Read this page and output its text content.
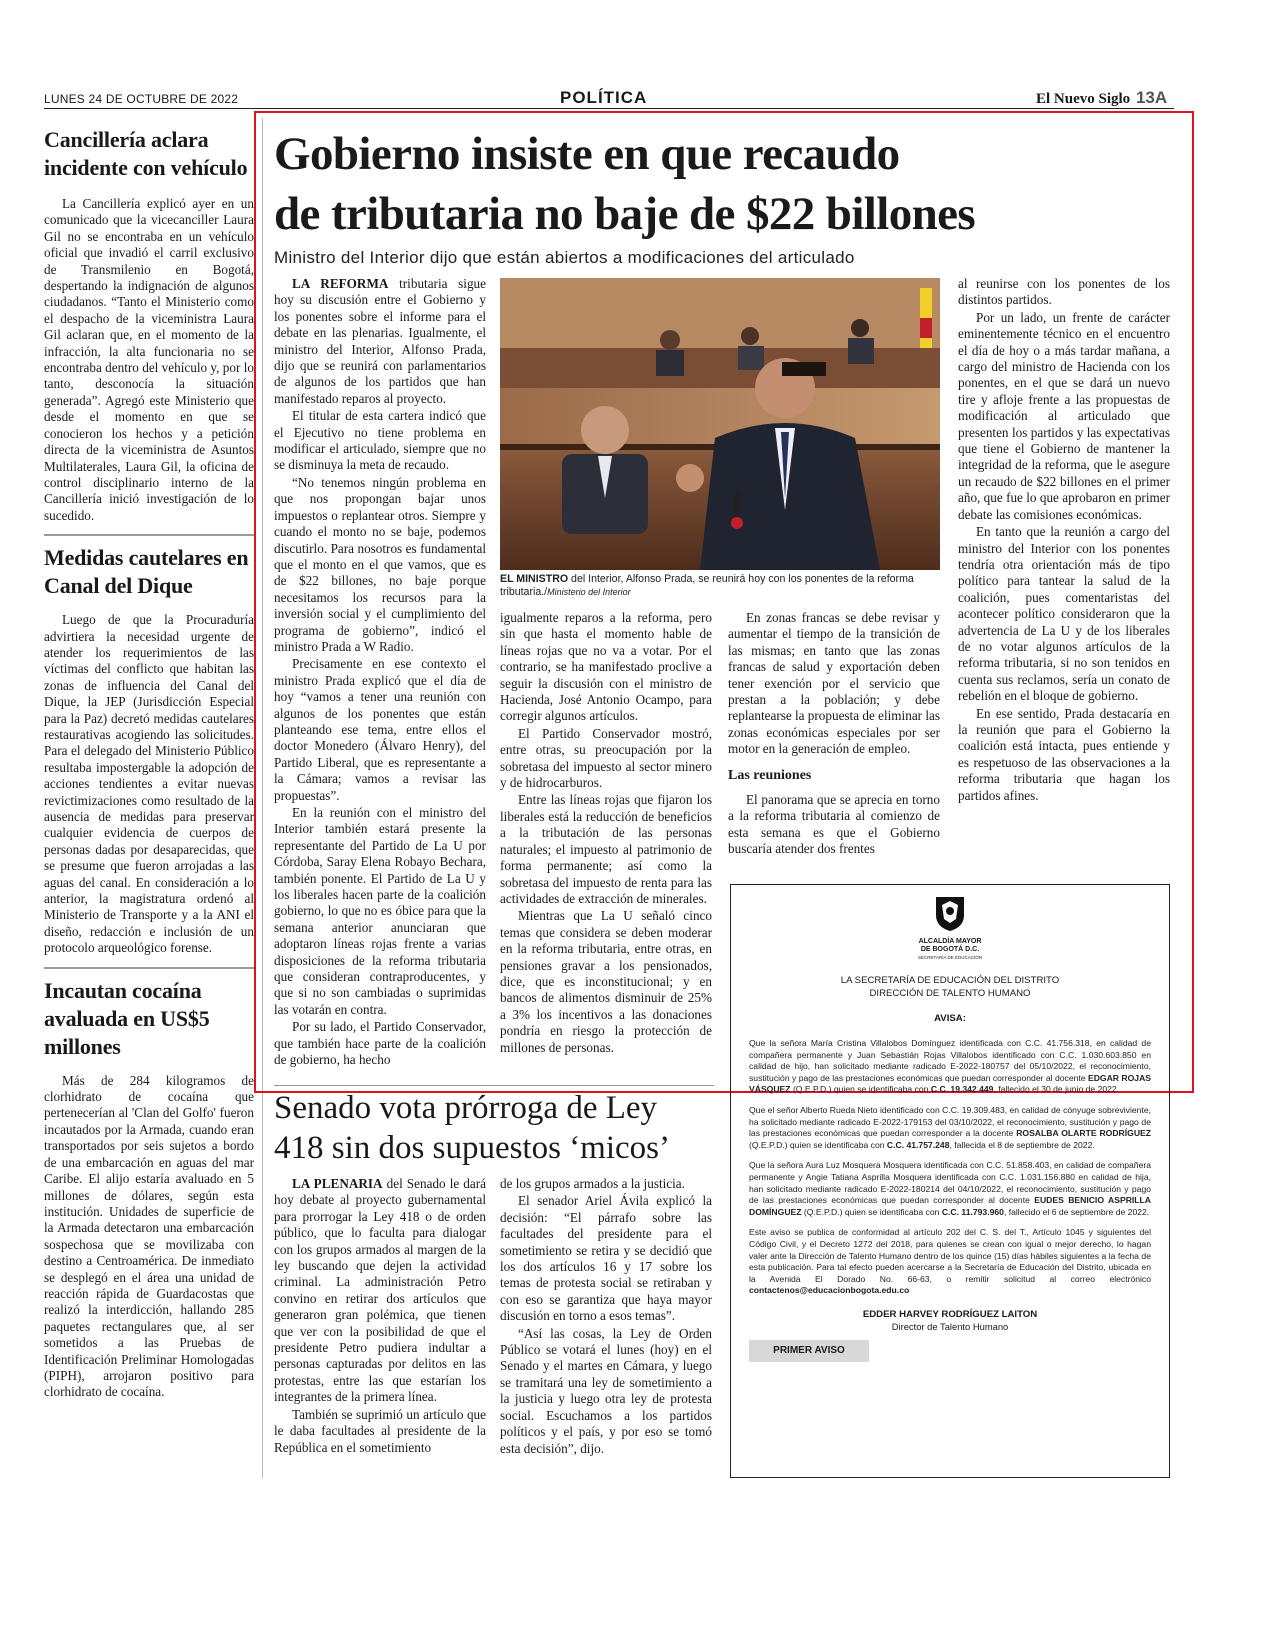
LUNES 24 DE OCTUBRE DE 2022	POLÍTICA	El Nuevo Siglo 13A
Cancillería aclara incidente con vehículo

La Cancillería explicó ayer en un comunicado que la vicecanciller Laura Gil no se encontraba en un vehículo oficial que invadió el carril exclusivo de Transmilenio en Bogotá, despertando la indignación de algunos ciudadanos. “Tanto el Ministerio como el despacho de la viceministra Laura Gil aclaran que, en el momento de la infracción, la alta funcionaria no se encontraba dentro del vehículo y, por lo tanto, desconocía la situación generada”. Agregó este Ministerio que desde el momento en que se conocieron los hechos y a petición directa de la viceministra de Asuntos Multilaterales, Laura Gil, la oficina de control disciplinario interno de la Cancillería inició investigación de lo sucedido.

Medidas cautelares en Canal del Dique

Luego de que la Procuraduría advirtiera la necesidad urgente de atender los requerimientos de las víctimas del conflicto que habitan las zonas de influencia del Canal del Dique, la JEP (Jurisdicción Especial para la Paz) decretó medidas cautelares restaurativas acogiendo las solicitudes. Para el delegado del Ministerio Público resultaba impostergable la adopción de acciones tendientes a evitar nuevas revictimizaciones como resultado de la ausencia de medidas para preservar cualquier evidencia de cuerpos de personas dadas por desaparecidas, que se presume que fueron arrojadas a las aguas del canal. En consideración a lo anterior, la magistratura ordenó al Ministerio de Transporte y a la ANI el diseño, redacción e inclusión de un protocolo arqueológico forense.

Incautan cocaína avaluada en US$5 millones

Más de 284 kilogramos de clorhidrato de cocaína que pertenecerían al 'Clan del Golfo' fueron incautados por la Armada, cuando eran transportados por seis sujetos a bordo de una embarcación en aguas del mar Caribe. El alijo estaría avaluado en 5 millones de dólares, según esta institución. Unidades de superficie de la Armada detectaron una embarcación sospechosa que se movilizaba con destino a Centroamérica. De inmediato se desplegó en el área una unidad de reacción rápida de Guardacostas que realizó la interdicción, hallando 285 paquetes rectangulares que, al ser sometidos a las Pruebas de Identificación Preliminar Homologadas (PIPH), arrojaron positivo para clorhidrato de cocaína.

Gobierno insiste en que recaudo
de tributaria no baje de $22 billones
Ministro del Interior dijo que están abiertos a modificaciones del articulado

LA REFORMA tributaria sigue hoy su discusión entre el Gobierno y los ponentes sobre el informe para el debate en las plenarias. Igualmente, el ministro del Interior, Alfonso Prada, dijo que se reunirá con parlamentarios de algunos de los partidos que han manifestado reparos al proyecto.

El titular de esta cartera indicó que el Ejecutivo no tiene problema en modificar el articulado, siempre que no se disminuya la meta de recaudo.

“No tenemos ningún problema en que nos propongan bajar unos impuestos o replantear otros. Siempre y cuando el monto no se baje, podemos discutirlo. Para nosotros es fundamental que el monto en el que vamos, que es de $22 billones, no baje porque necesitamos los recursos para la inversión social y el cumplimiento del programa de gobierno”, indicó el ministro Prada a W Radio.

Precisamente en ese contexto el ministro Prada explicó que el día de hoy “vamos a tener una reunión con algunos de los ponentes que están planteando ese tema, entre ellos el doctor Monedero (Álvaro Henry), del Partido Liberal, que es representante a la Cámara; vamos a revisar las propuestas”.

En la reunión con el ministro del Interior también estará presente la representante del Partido de La U por Córdoba, Saray Elena Robayo Bechara, también ponente. El Partido de La U y los liberales hacen parte de la coalición gobierno, lo que no es óbice para que la semana anterior anunciaran que adoptaron líneas rojas frente a varias disposiciones de la reforma tributaria que consideran contraproducentes, y que si no son cambiadas o suprimidas las votarán en contra.

Por su lado, el Partido Conservador, que también hace parte de la coalición de gobierno, ha hecho

EL MINISTRO del Interior, Alfonso Prada, se reunirá hoy con los ponentes de la reforma tributaria./Ministerio del Interior

igualmente reparos a la reforma, pero sin que hasta el momento hable de líneas rojas que no va a votar. Por el contrario, se ha manifestado proclive a seguir la discusión con el ministro de Hacienda, José Antonio Ocampo, para corregir algunos artículos.

El Partido Conservador mostró, entre otras, su preocupación por la sobretasa del impuesto al sector minero y de hidrocarburos.

Entre las líneas rojas que fijaron los liberales está la reducción de beneficios a la tributación de las personas naturales; el impuesto al patrimonio de forma permanente; así como la sobretasa del impuesto de renta para las actividades de extracción de minerales.

Mientras que La U señaló cinco temas que considera se deben moderar en la reforma tributaria, entre otras, en pensiones gravar a los pensionados, dice, que es inconstitucional; y en bancos de alimentos disminuir de 25% a 3% los incentivos a las donaciones pondría en riesgo la protección de millones de personas.

En zonas francas se debe revisar y aumentar el tiempo de la transición de las mismas; en tanto que las zonas francas de salud y exportación deben tener exención por el servicio que prestan a la población; y debe replantearse la propuesta de eliminar las zonas económicas especiales por ser motor en la generación de empleo.

Las reuniones

El panorama que se aprecia en torno a la reforma tributaria al comienzo de esta semana es que el Gobierno buscaría atender dos frentes

al reunirse con los ponentes de los distintos partidos.

Por un lado, un frente de carácter eminentemente técnico en el encuentro el día de hoy o a más tardar mañana, a cargo del ministro de Hacienda con los ponentes, en el que se dará un nuevo tire y afloje frente a las propuestas de modificación al articulado que presenten los partidos y las expectativas que tiene el Gobierno de mantener la integridad de la reforma, que le asegure un recaudo de $22 billones en el primer año, que fue lo que aprobaron en primer debate las comisiones económicas.

En tanto que la reunión a cargo del ministro del Interior con los ponentes tendría otra orientación más de tipo político para tantear la salud de la coalición, pues comentaristas del acontecer político consideraron que la advertencia de La U y de los liberales de no votar algunos artículos de la reforma tributaria, si no son tenidos en cuenta sus reclamos, sería un conato de rebelión en el bloque de gobierno.

En ese sentido, Prada destacaría en la reunión que para el Gobierno la coalición está intacta, pues entiende y es respetuoso de las observaciones a la reforma tributaria que hagan los partidos afines.

Senado vota prórroga de Ley
418 sin dos supuestos ‘micos’

LA PLENARIA del Senado le dará hoy debate al proyecto gubernamental para prorrogar la Ley 418 o de orden público, que lo faculta para dialogar con los grupos armados al margen de la ley buscando que dejen la actividad criminal. La administración Petro convino en retirar dos artículos que generaron gran polémica, que tienen que ver con la posibilidad de que el presidente Petro pudiera indultar a personas capturadas por delitos en las protestas, entre las que estarían los integrantes de la primera línea.

También se suprimió un artículo que le daba facultades al presidente de la República en el sometimiento

de los grupos armados a la justicia.

El senador Ariel Ávila explicó la decisión: “El párrafo sobre las facultades del presidente para el sometimiento se retira y se decidió que los dos artículos 16 y 17 sobre los temas de protesta social se retiraban y con eso se garantiza que haya mayor discusión en torno a esos temas”.

“Así las cosas, la Ley de Orden Público se votará el lunes (hoy) en el Senado y el martes en Cámara, y luego se tramitará una ley de sometimiento a la justicia y luego otra ley de protesta social. Escuchamos a los partidos políticos y el país, y por eso se tomó esta decisión”, dijo.

ALCALDÍA MAYOR
DE BOGOTÁ D.C.
SECRETARÍA DE EDUCACIÓN
LA SECRETARÍA DE EDUCACIÓN DEL DISTRITO
DIRECCIÓN DE TALENTO HUMANO
AVISA:

Que la señora María Cristina Villalobos Domínguez identificada con C.C. 41.756.318, en calidad de compañera permanente y Juan Sebastián Rojas Villalobos identificado con C.C. 1.030.603.850 en calidad de hijo, han solicitado mediante radicado E-2022-180757 del 05/10/2022, el reconocimiento, sustitución y pago de las prestaciones económicas que puedan corresponder al docente EDGAR ROJAS VÁSQUEZ (Q.E.P.D.) quien se identificaba con C.C. 19.342.449, fallecido el 30 de junio de 2022.

Que el señor Alberto Rueda Nieto identificado con C.C. 19.309.483, en calidad de cónyuge sobreviviente, ha solicitado mediante radicado E-2022-179153 del 03/10/2022, el reconocimiento, sustitución y pago de las prestaciones económicas que puedan corresponder a la docente ROSALBA OLARTE RODRÍGUEZ (Q.E.P.D.) quien se identificaba con C.C. 41.757.248, fallecida el 8 de septiembre de 2022.

Que la señora Aura Luz Mosquera Mosquera identificada con C.C. 51.858.403, en calidad de compañera permanente y Angie Tatiana Asprilla Mosquera identificada con C.C. 1.031.156.880 en calidad de hija, han solicitado mediante radicado E-2022-180214 del 04/10/2022, el reconocimiento, sustitución y pago de las prestaciones económicas que puedan corresponder al docente EUDES BENICIO ASPRILLA DOMÍNGUEZ (Q.E.P.D.) quien se identificaba con C.C. 11.793.960, fallecido el 6 de septiembre de 2022.

Este aviso se publica de conformidad al artículo 202 del C. S. del T., Artículo 1045 y siguientes del Código Civil, y el Decreto 1272 del 2018, para quienes se crean con igual o mejor derecho, lo hagan valer ante la Dirección de Talento Humano dentro de los quince (15) días hábiles siguientes a la fecha de esta publicación. Para tal efecto pueden acercarse a la Secretaría de Educación del Distrito, ubicada en la Avenida El Dorado No. 66-63, o remitir solicitud al correo electrónico contactenos@educacionbogota.edu.co

EDDER HARVEY RODRÍGUEZ LAITON
Director de Talento Humano
PRIMER AVISO
